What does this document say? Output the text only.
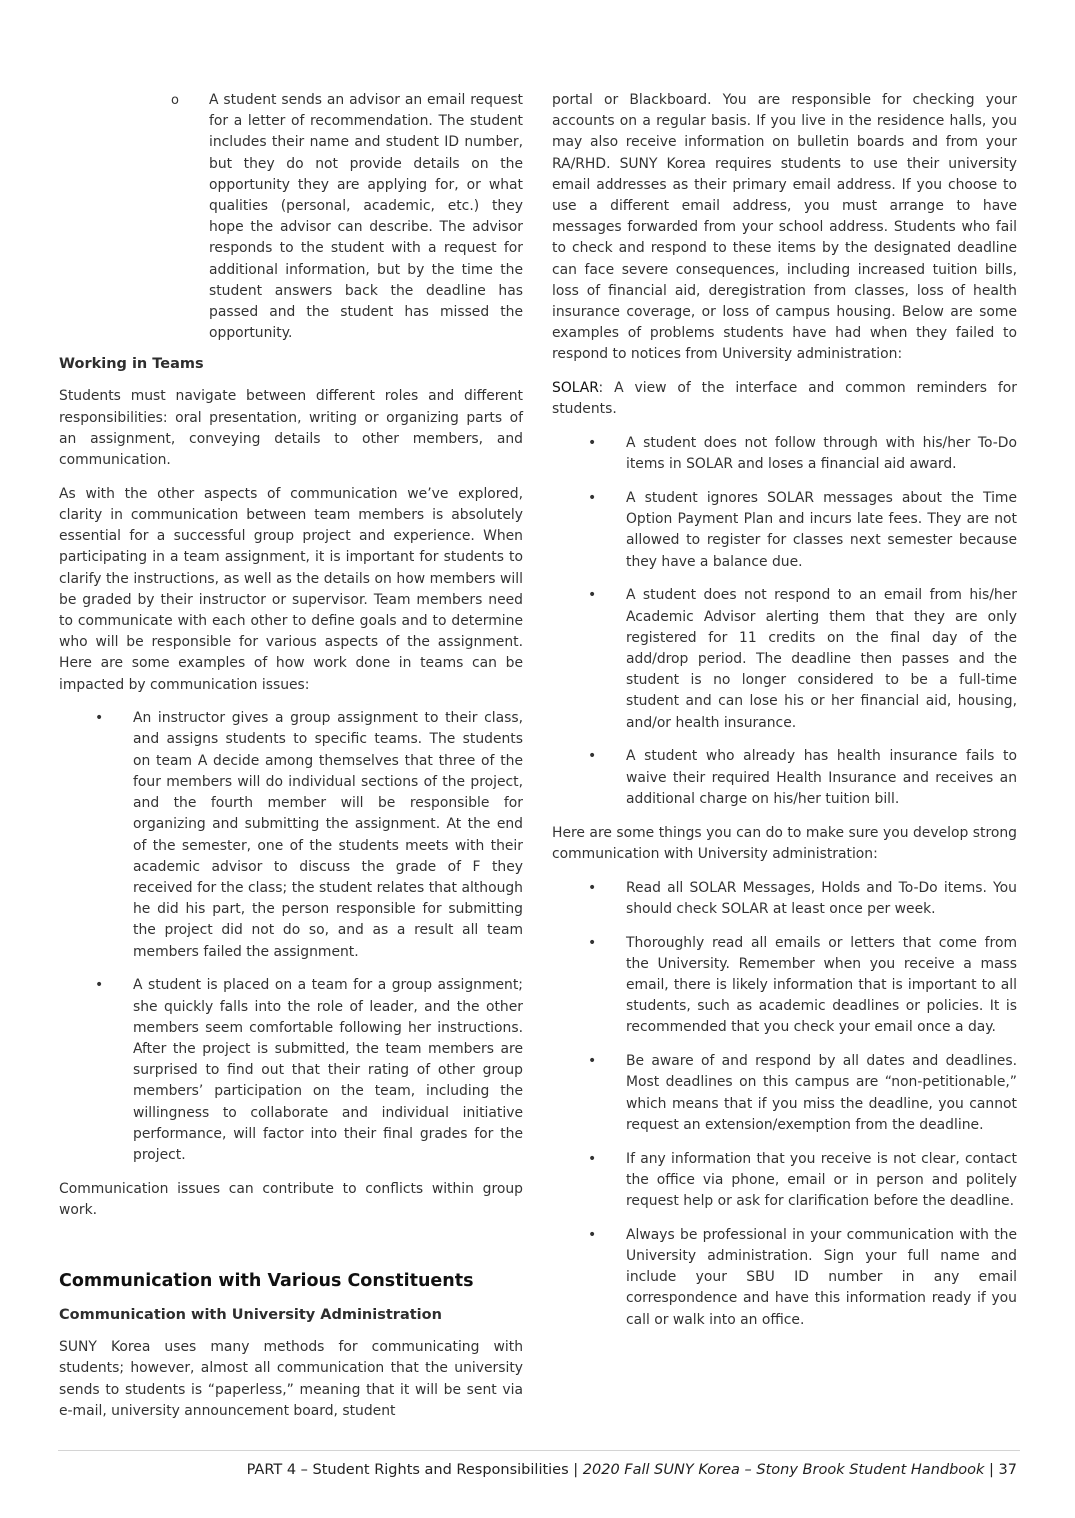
o	A student sends an advisor an email request for a letter of recommendation. The student includes their name and student ID number, but they do not provide details on the opportunity they are applying for, or what qualities (personal, academic, etc.) they hope the advisor can describe. The advisor responds to the student with a request for additional information, but by the time the student answers back the deadline has passed and the student has missed the opportunity.

Working in Teams

Students must navigate between different roles and different responsibilities: oral presentation, writing or organizing parts of an assignment, conveying details to other members, and communication.

As with the other aspects of communication we’ve explored, clarity in communication between team members is absolutely essential for a successful group project and experience. When participating in a team assignment, it is important for students to clarify the instructions, as well as the details on how members will be graded by their instructor or supervisor. Team members need to communicate with each other to define goals and to determine who will be responsible for various aspects of the assignment. Here are some examples of how work done in teams can be impacted by communication issues:

•	An instructor gives a group assignment to their class, and assigns students to specific teams. The students on team A decide among themselves that three of the four members will do individual sections of the project, and the fourth member will be responsible for organizing and submitting the assignment. At the end of the semester, one of the students meets with their academic advisor to discuss the grade of F they received for the class; the student relates that although he did his part, the person responsible for submitting the project did not do so, and as a result all team members failed the assignment.

•	A student is placed on a team for a group assignment; she quickly falls into the role of leader, and the other members seem comfortable following her instructions. After the project is submitted, the team members are surprised to find out that their rating of other group members’ participation on the team, including the willingness to collaborate and individual initiative performance, will factor into their final grades for the project.

Communication issues can contribute to conflicts within group work.

Communication with Various Constituents
Communication with University Administration

SUNY Korea uses many methods for communicating with students; however, almost all communication that the university sends to students is “paperless,” meaning that it will be sent via e-mail, university announcement board, student

portal or Blackboard. You are responsible for checking your accounts on a regular basis. If you live in the residence halls, you may also receive information on bulletin boards and from your RA/RHD. SUNY Korea requires students to use their university email addresses as their primary email address. If you choose to use a different email address, you must arrange to have messages forwarded from your school address. Students who fail to check and respond to these items by the designated deadline can face severe consequences, including increased tuition bills, loss of financial aid, deregistration from classes, loss of health insurance coverage, or loss of campus housing. Below are some examples of problems students have had when they failed to respond to notices from University administration:

SOLAR: A view of the interface and common reminders for students.

•	A student does not follow through with his/her To-Do items in SOLAR and loses a financial aid award.

•	A student ignores SOLAR messages about the Time Option Payment Plan and incurs late fees. They are not allowed to register for classes next semester because they have a balance due.

•	A student does not respond to an email from his/her Academic Advisor alerting them that they are only registered for 11 credits on the final day of the add/drop period. The deadline then passes and the student is no longer considered to be a full-time student and can lose his or her financial aid, housing, and/or health insurance.

•	A student who already has health insurance fails to waive their required Health Insurance and receives an additional charge on his/her tuition bill.

Here are some things you can do to make sure you develop strong communication with University administration:

•	Read all SOLAR Messages, Holds and To-Do items. You should check SOLAR at least once per week.

•	Thoroughly read all emails or letters that come from the University. Remember when you receive a mass email, there is likely information that is important to all students, such as academic deadlines or policies. It is recommended that you check your email once a day.

•	Be aware of and respond by all dates and deadlines. Most deadlines on this campus are “non-petitionable,” which means that if you miss the deadline, you cannot request an extension/exemption from the deadline.

•	If any information that you receive is not clear, contact the office via phone, email or in person and politely request help or ask for clarification before the deadline.

•	Always be professional in your communication with the University administration. Sign your full name and include your SBU ID number in any email correspondence and have this information ready if you call or walk into an office.

PART 4 – Student Rights and Responsibilities | 2020 Fall SUNY Korea – Stony Brook Student Handbook | 37
